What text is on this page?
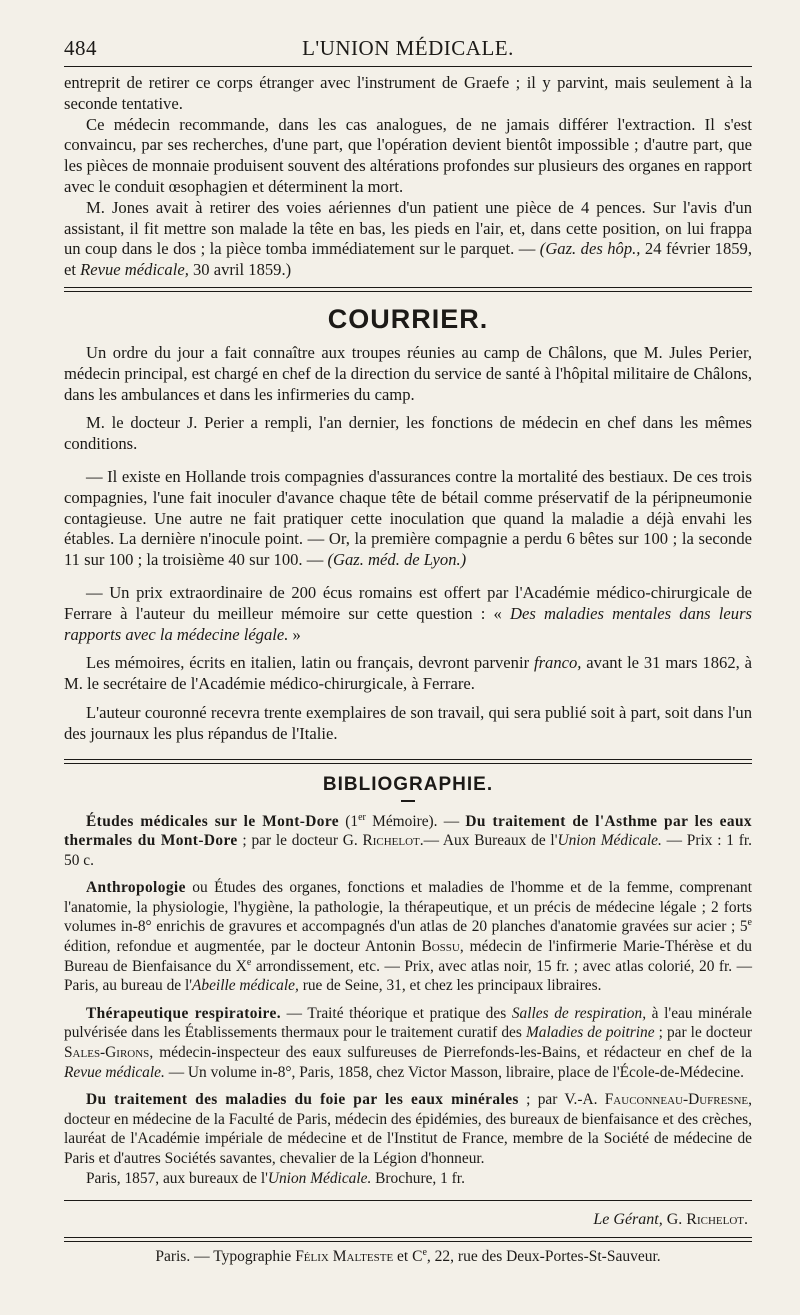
484	L'UNION MÉDICALE.

entreprit de retirer ce corps étranger avec l'instrument de Graefe ; il y parvint, mais seulement à la seconde tentative.

Ce médecin recommande, dans les cas analogues, de ne jamais différer l'extraction. Il s'est convaincu, par ses recherches, d'une part, que l'opération devient bientôt impossible ; d'autre part, que les pièces de monnaie produisent souvent des altérations profondes sur plusieurs des organes en rapport avec le conduit œsophagien et déterminent la mort.

M. Jones avait à retirer des voies aériennes d'un patient une pièce de 4 pences. Sur l'avis d'un assistant, il fit mettre son malade la tête en bas, les pieds en l'air, et, dans cette position, on lui frappa un coup dans le dos ; la pièce tomba immédiatement sur le parquet. — (Gaz. des hôp., 24 février 1859, et Revue médicale, 30 avril 1859.)

COURRIER.

Un ordre du jour a fait connaître aux troupes réunies au camp de Châlons, que M. Jules Perier, médecin principal, est chargé en chef de la direction du service de santé à l'hôpital militaire de Châlons, dans les ambulances et dans les infirmeries du camp.

M. le docteur J. Perier a rempli, l'an dernier, les fonctions de médecin en chef dans les mêmes conditions.

— Il existe en Hollande trois compagnies d'assurances contre la mortalité des bestiaux. De ces trois compagnies, l'une fait inoculer d'avance chaque tête de bétail comme préservatif de la péripneumonie contagieuse. Une autre ne fait pratiquer cette inoculation que quand la maladie a déjà envahi les étables. La dernière n'inocule point. — Or, la première compagnie a perdu 6 bêtes sur 100 ; la seconde 11 sur 100 ; la troisième 40 sur 100. — (Gaz. méd. de Lyon.)

— Un prix extraordinaire de 200 écus romains est offert par l'Académie médico-chirurgicale de Ferrare à l'auteur du meilleur mémoire sur cette question : « Des maladies mentales dans leurs rapports avec la médecine légale. »

Les mémoires, écrits en italien, latin ou français, devront parvenir franco, avant le 31 mars 1862, à M. le secrétaire de l'Académie médico-chirurgicale, à Ferrare.

L'auteur couronné recevra trente exemplaires de son travail, qui sera publié soit à part, soit dans l'un des journaux les plus répandus de l'Italie.

BIBLIOGRAPHIE.

Études médicales sur le Mont-Dore (1er Mémoire). — Du traitement de l'Asthme par les eaux thermales du Mont-Dore ; par le docteur G. Richelot.— Aux Bureaux de l'Union Médicale. — Prix : 1 fr. 50 c.

Anthropologie ou Études des organes, fonctions et maladies de l'homme et de la femme, comprenant l'anatomie, la physiologie, l'hygiène, la pathologie, la thérapeutique, et un précis de médecine légale ; 2 forts volumes in-8° enrichis de gravures et accompagnés d'un atlas de 20 planches d'anatomie gravées sur acier ; 5e édition, refondue et augmentée, par le docteur Antonin Bossu, médecin de l'infirmerie Marie-Thérèse et du Bureau de Bienfaisance du Xe arrondissement, etc. — Prix, avec atlas noir, 15 fr. ; avec atlas colorié, 20 fr. — Paris, au bureau de l'Abeille médicale, rue de Seine, 31, et chez les principaux libraires.

Thérapeutique respiratoire. — Traité théorique et pratique des Salles de respiration, à l'eau minérale pulvérisée dans les Établissements thermaux pour le traitement curatif des Maladies de poitrine ; par le docteur Sales-Girons, médecin-inspecteur des eaux sulfureuses de Pierrefonds-les-Bains, et rédacteur en chef de la Revue médicale. — Un volume in-8°, Paris, 1858, chez Victor Masson, libraire, place de l'École-de-Médecine.

Du traitement des maladies du foie par les eaux minérales ; par V.-A. Fauconneau-Dufresne, docteur en médecine de la Faculté de Paris, médecin des épidémies, des bureaux de bienfaisance et des crèches, lauréat de l'Académie impériale de médecine et de l'Institut de France, membre de la Société de médecine de Paris et d'autres Sociétés savantes, chevalier de la Légion d'honneur.

Paris, 1857, aux bureaux de l'Union Médicale. Brochure, 1 fr.

Le Gérant, G. Richelot.
Paris. — Typographie Félix Malteste et Ce, 22, rue des Deux-Portes-St-Sauveur.
